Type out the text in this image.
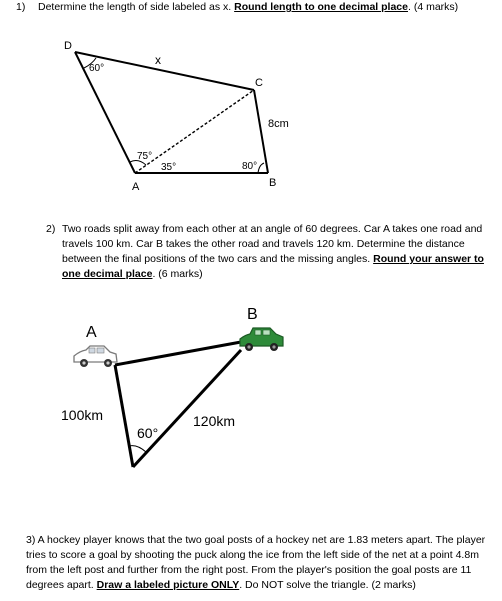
1) Determine the length of side labeled as x. Round length to one decimal place. (4 marks)
D
C
B
A
x
8cm
60°
75°
35°	80°
A
B
100km	120km
60°
2) Two roads split away from each other at an angle of 60 degrees. Car A takes one road and travels 100 km. Car B takes the other road and travels 120 km. Determine the distance between the final positions of the two cars and the missing angles. Round your answer to one decimal place. (6 marks)
3) A hockey player knows that the two goal posts of a hockey net are 1.83 meters apart. The player tries to score a goal by shooting the puck along the ice from the left side of the net at a point 4.8m from the left post and further from the right post. From the player's position the goal posts are 11 degrees apart. Draw a labeled picture ONLY. Do NOT solve the triangle. (2 marks)
